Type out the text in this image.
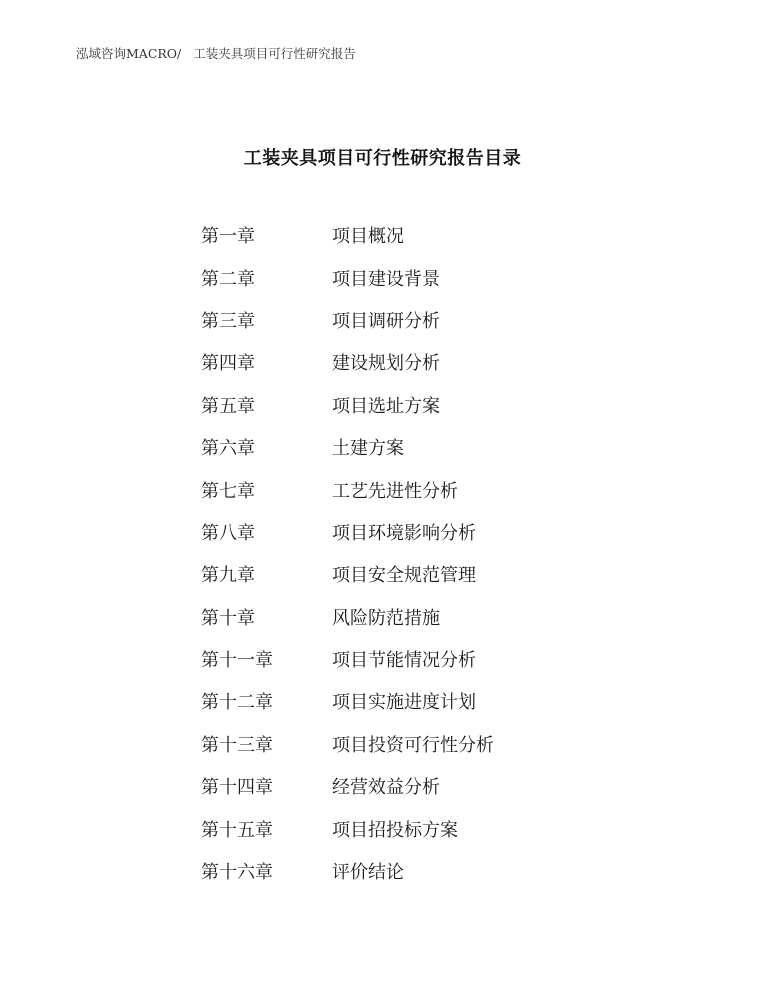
泓域咨询MACRO/ 工装夹具项目可行性研究报告
工装夹具项目可行性研究报告目录
第一章	项目概况
第二章	项目建设背景
第三章	项目调研分析
第四章	建设规划分析
第五章	项目选址方案
第六章	土建方案
第七章	工艺先进性分析
第八章	项目环境影响分析
第九章	项目安全规范管理
第十章	风险防范措施
第十一章	项目节能情况分析
第十二章	项目实施进度计划
第十三章	项目投资可行性分析
第十四章	经营效益分析
第十五章	项目招投标方案
第十六章	评价结论
